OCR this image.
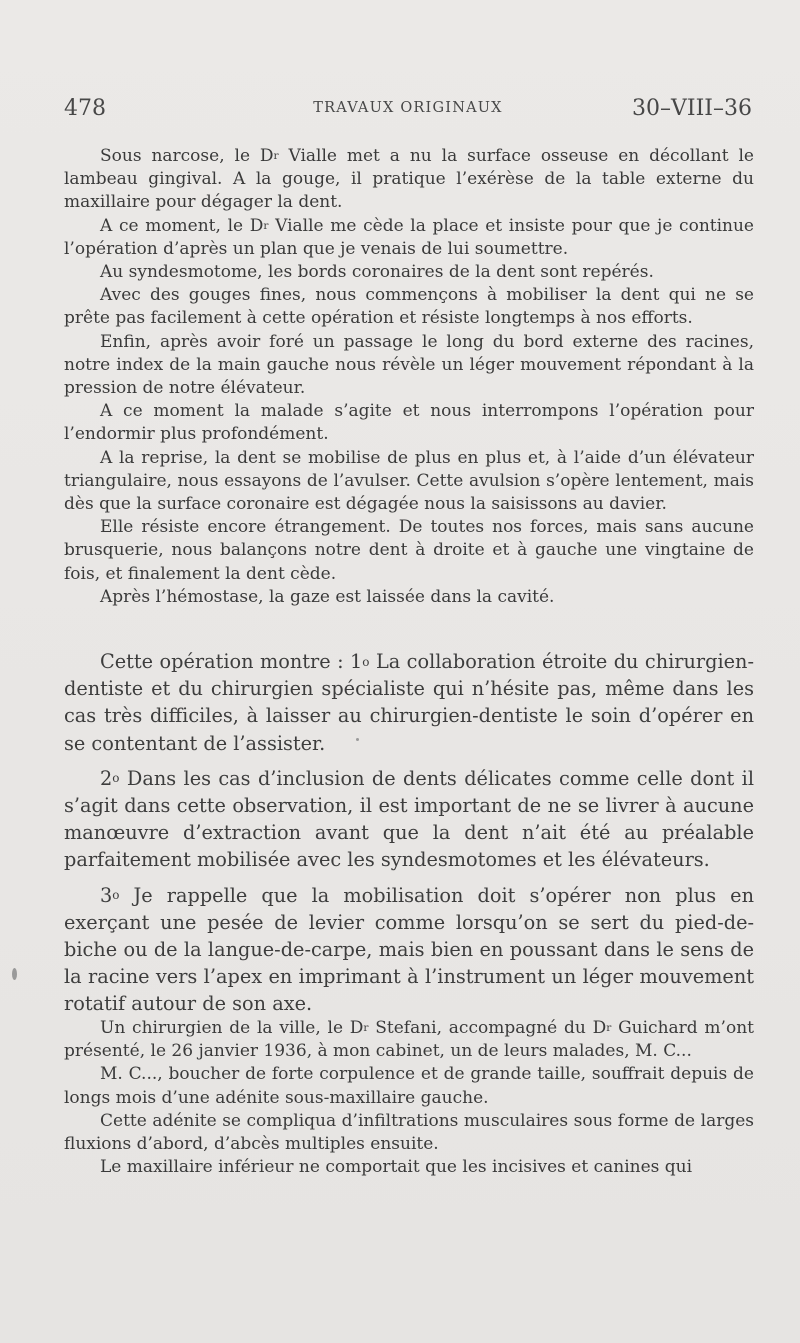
478	TRAVAUX ORIGINAUX	30–VIII–36

Sous narcose, le $D^r$ Vialle met a nu la surface osseuse en décollant le lambeau gingival. A la gouge, il pratique l’exérèse de la table externe du maxillaire pour dégager la dent.

A ce moment, le $D^r$ Vialle me cède la place et insiste pour que je continue l’opération d’après un plan que je venais de lui soumettre.

Au syndesmotome, les bords coronaires de la dent sont repérés.

Avec des gouges fines, nous commençons à mobiliser la dent qui ne se prête pas facilement à cette opération et résiste longtemps à nos efforts.

Enfin, après avoir foré un passage le long du bord externe des racines, notre index de la main gauche nous révèle un léger mouvement répondant à la pression de notre élévateur.

A ce moment la malade s’agite et nous interrompons l’opération pour l’endormir plus profondément.

A la reprise, la dent se mobilise de plus en plus et, à l’aide d’un élévateur triangulaire, nous essayons de l’avulser. Cette avulsion s’opère lentement, mais dès que la surface coronaire est dégagée nous la saisissons au davier.

Elle résiste encore étrangement. De toutes nos forces, mais sans aucune brusquerie, nous balançons notre dent à droite et à gauche une vingtaine de fois, et finalement la dent cède.

Après l’hémostase, la gaze est laissée dans la cavité.

Cette opération montre : 1$^o$ La collaboration étroite du chirurgien-dentiste et du chirurgien spécialiste qui n’hésite pas, même dans les cas très difficiles, à laisser au chirurgien-dentiste le soin d’opérer en se contentant de l’assister.

2$^o$ Dans les cas d’inclusion de dents délicates comme celle dont il s’agit dans cette observation, il est important de ne se livrer à aucune manœuvre d’extraction avant que la dent n’ait été au préalable parfaitement mobilisée avec les syndesmotomes et les élévateurs.

3$^o$ Je rappelle que la mobilisation doit s’opérer non plus en exerçant une pesée de levier comme lorsqu’on se sert du pied-de-biche ou de la langue-de-carpe, mais bien en poussant dans le sens de la racine vers l’apex en imprimant à l’instrument un léger mouvement rotatif autour de son axe.

Un chirurgien de la ville, le $D^r$ Stefani, accompagné du $D^r$ Guichard m’ont présenté, le 26 janvier 1936, à mon cabinet, un de leurs malades, M. C...

M. C..., boucher de forte corpulence et de grande taille, souffrait depuis de longs mois d’une adénite sous-maxillaire gauche.

Cette adénite se compliqua d’infiltrations musculaires sous forme de larges fluxions d’abord, d’abcès multiples ensuite.

Le maxillaire inférieur ne comportait que les incisives et canines qui
